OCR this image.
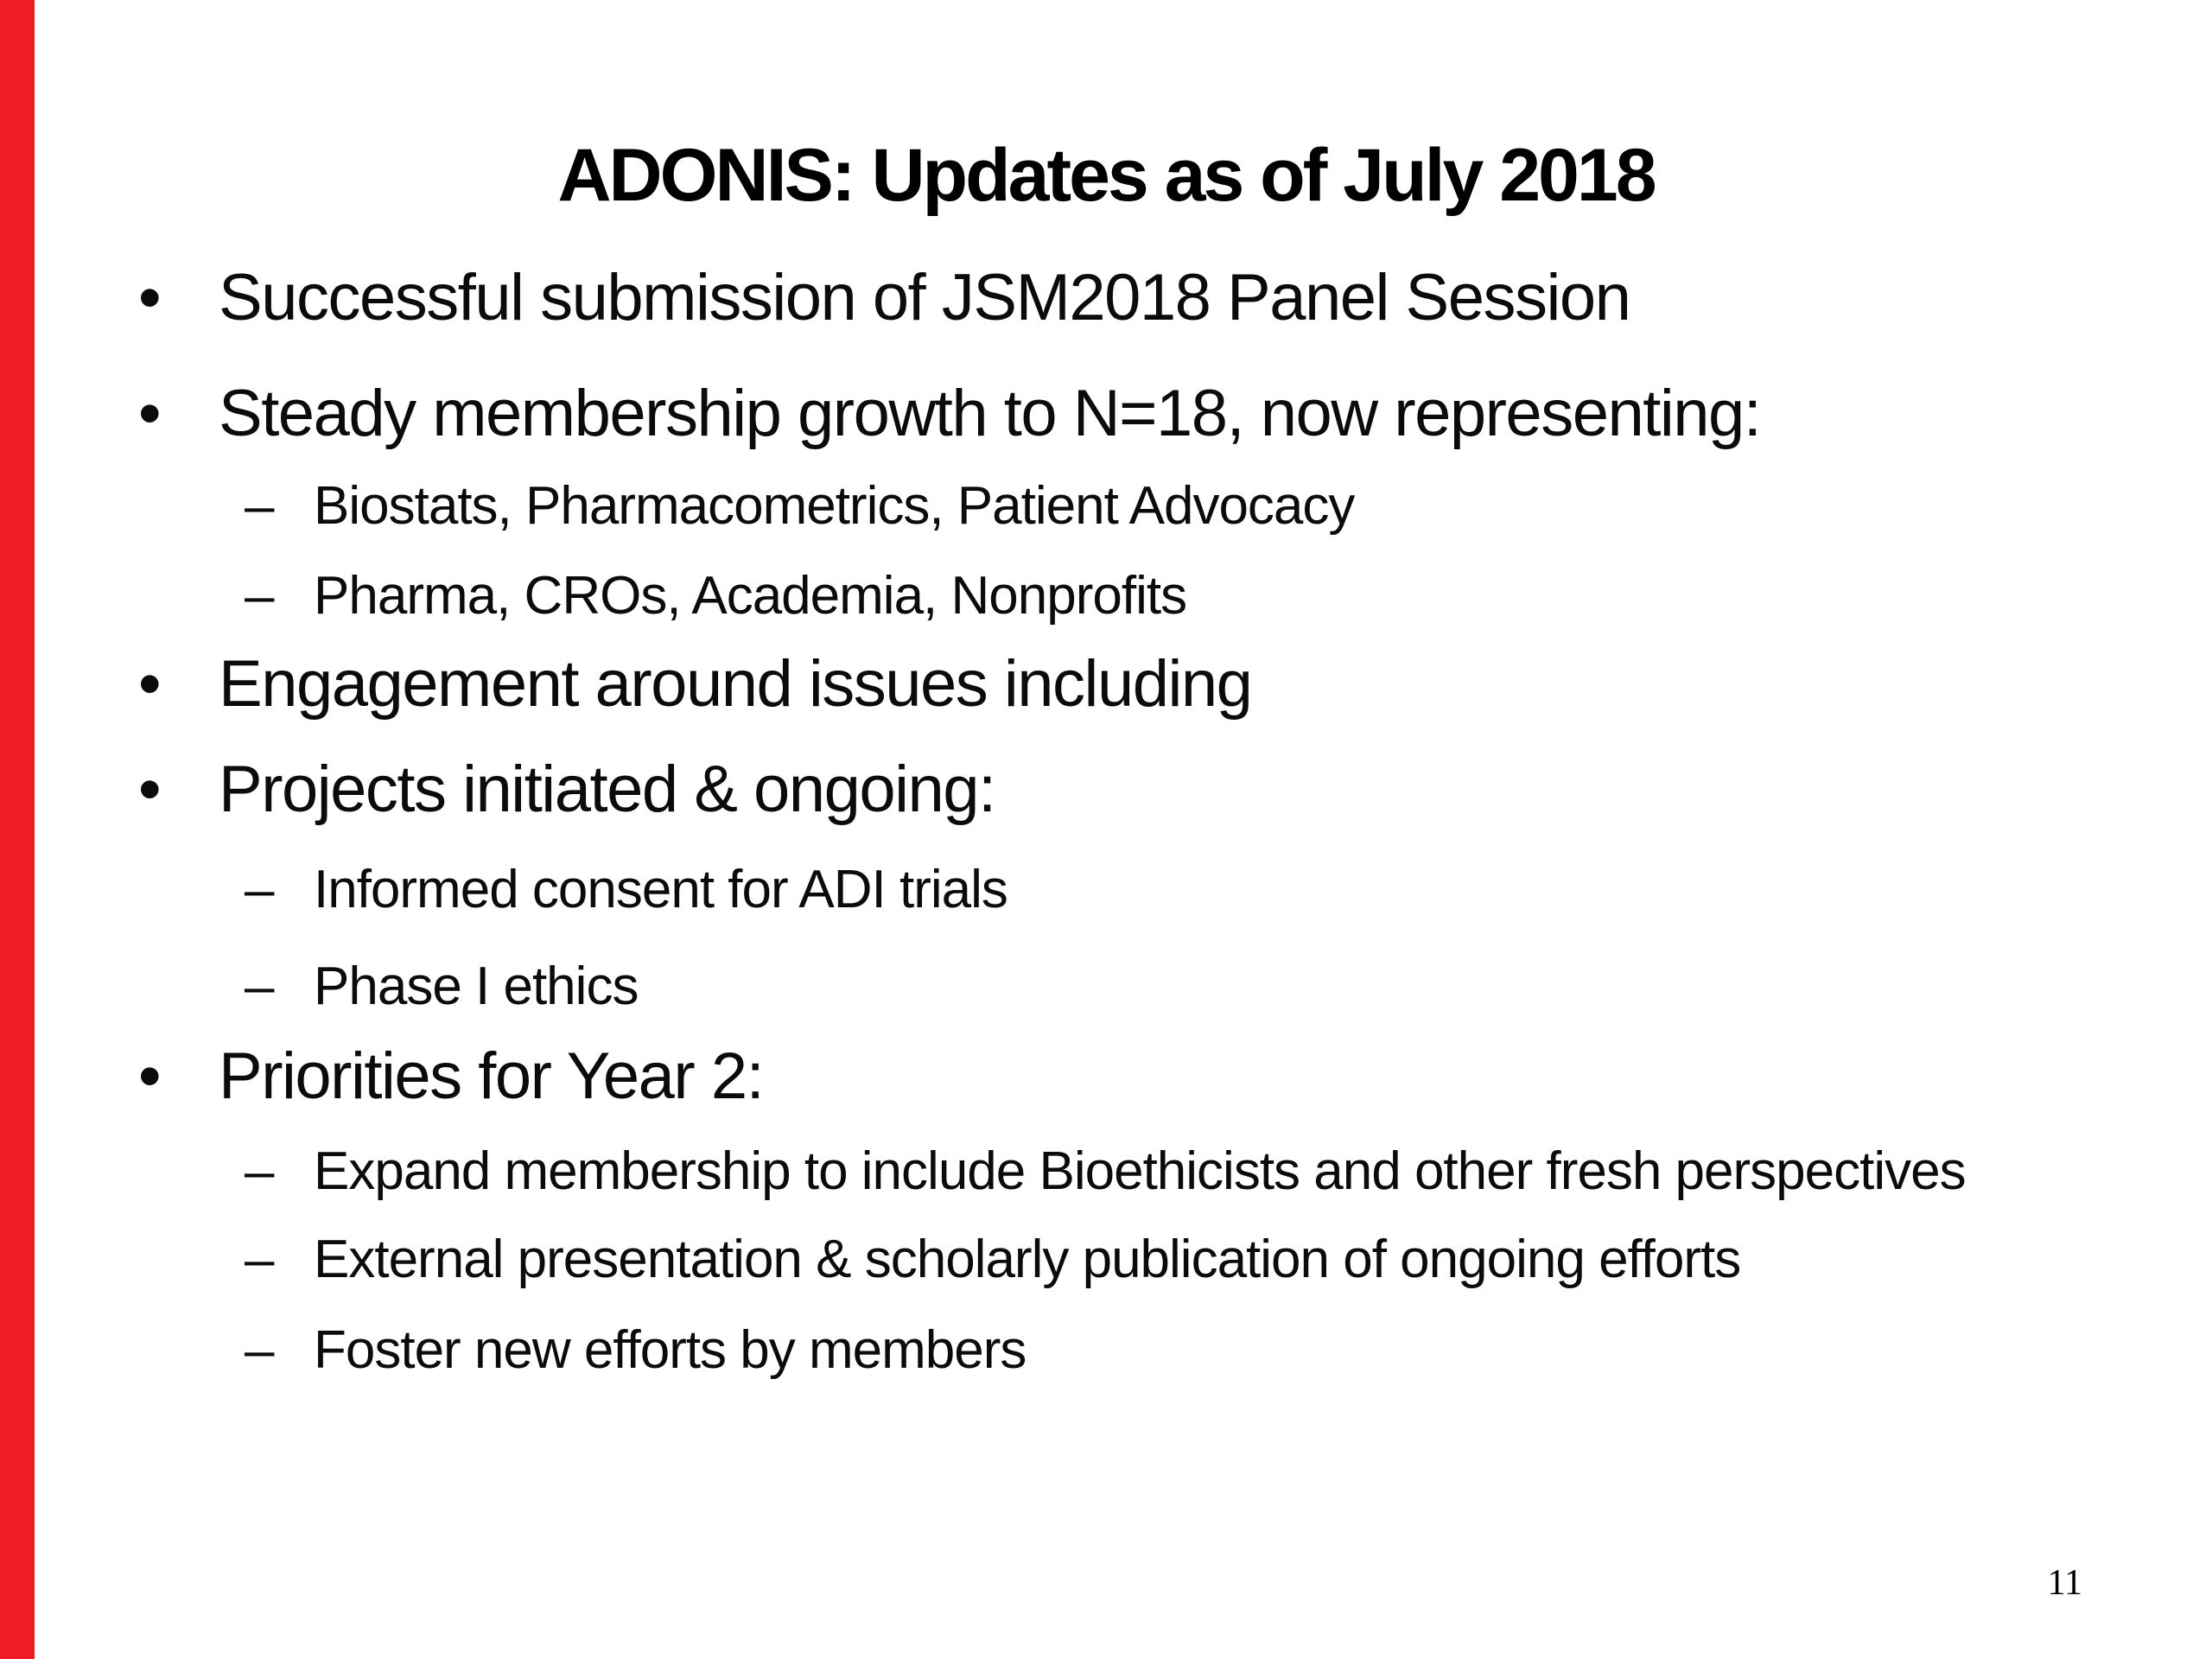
ADONIS: Updates as of July 2018
• Successful submission of JSM2018 Panel Session
• Steady membership growth to N=18, now representing:
– Biostats, Pharmacometrics, Patient Advocacy
– Pharma, CROs, Academia, Nonprofits
• Engagement around issues including
• Projects initiated & ongoing:
– Informed consent for ADI trials
– Phase I ethics
• Priorities for Year 2:
– Expand membership to include Bioethicists and other fresh perspectives
– External presentation & scholarly publication of ongoing efforts
– Foster new efforts by members
11
